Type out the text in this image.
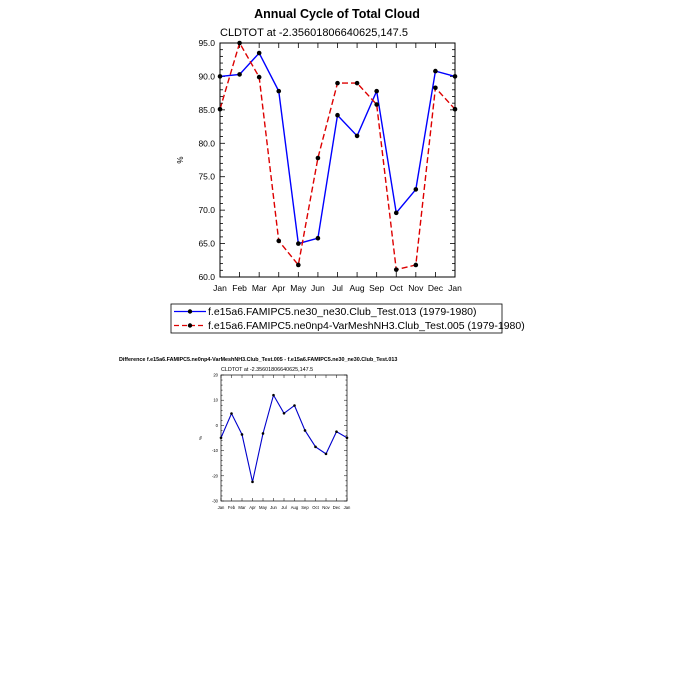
Annual Cycle of Total Cloud
CLDTOT at -2.35601806640625,147.5
Jan Feb Mar Apr May Jun Jul Aug Sep Oct Nov Dec Jan
60.0
65.0
70.0
75.0
80.0
85.0
90.0
95.0
%
f.e15a6.FAMIPC5.ne30_ne30.Club_Test.013 (1979-1980)
f.e15a6.FAMIPC5.ne0np4-VarMeshNH3.Club_Test.005 (1979-1980)
Difference f.e15a6.FAMIPC5.ne0np4-VarMeshNH3.Club_Test.005 - f.e15a6.FAMIPC5.ne30_ne30.Club_Test.013
CLDTOT at -2.35601806640625,147.5
Jan Feb Mar Apr May Jun Jul Aug Sep Oct Nov Dec Jan
-30
-20
-10
0
10
20
%
